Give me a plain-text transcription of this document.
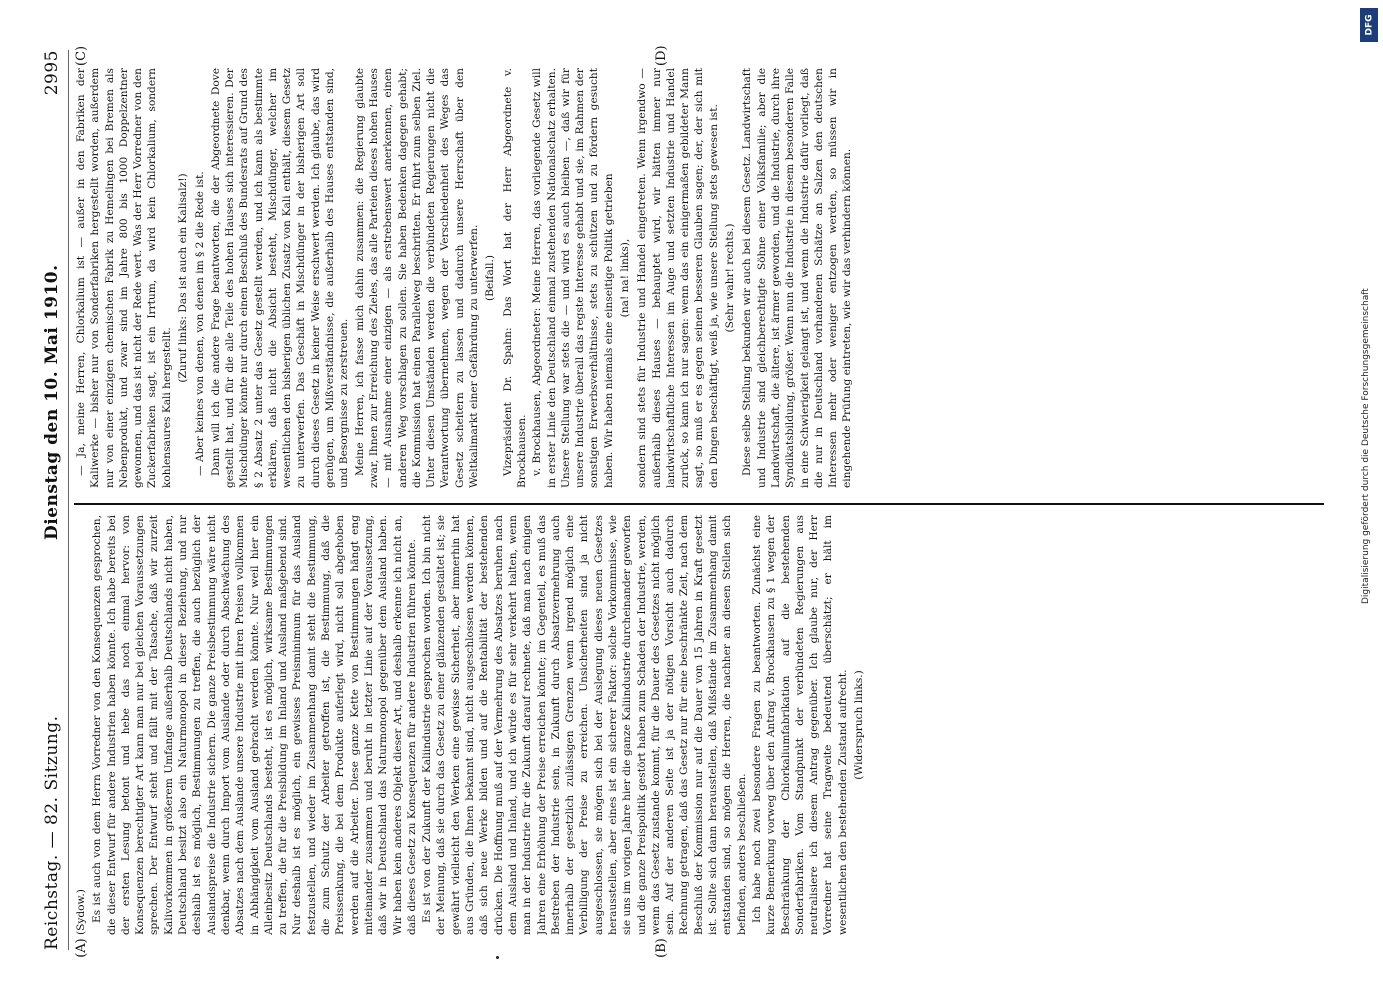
Reichstag. — 82. Sitzung.
Dienstag den 10. Mai 1910.
2995
(A)	(B)
(C)	(D)

(Sydow.) Es ist auch von dem Herrn Vorredner von den Konsequenzen gesprochen, die dieser Entwurf für andere Industrien haben könnte. Ich habe bereits bei der ersten Lesung betont und hebe das noch einmal hervor: von Konsequenzen berechtigter Art kann man nur bei gleichen Voraussetzungen sprechen. Der Entwurf steht und fällt mit der Tatsache, daß wir zurzeit Kalivorkommen in größerem Umfange außerhalb Deutschlands nicht haben, Deutschland besitzt also ein Naturmonopol in dieser Beziehung, und nur deshalb ist es möglich, Bestimmungen zu treffen, die auch bezüglich der Auslandspreise die Industrie sichern. Die ganze Preisbestimmung wäre nicht denkbar, wenn durch Import vom Auslande oder durch Abschwächung des Absatzes nach dem Auslande unsere Industrie mit ihren Preisen vollkommen in Abhängigkeit vom Ausland gebracht werden könnte. Nur weil hier ein Alleinbesitz Deutschlands besteht, ist es möglich, wirksame Bestimmungen zu treffen, die für die Preisbildung im Inland und Ausland maßgebend sind. Nur deshalb ist es möglich, ein gewisses Preisminimum für das Ausland festzustellen, und wieder im Zusammenhang damit steht die Bestimmung, die zum Schutz der Arbeiter getroffen ist, die Bestimmung, daß die Preissenkung, die bei dem Produkte auferlegt wird, nicht soll abgehoben werden auf die Arbeiter. Diese ganze Kette von Bestimmungen hängt eng miteinander zusammen und beruht in letzter Linie auf der Voraussetzung, daß wir in Deutschland das Naturmonopol gegenüber dem Ausland haben. Wir haben kein anderes Objekt dieser Art, und deshalb erkenne ich nicht an, daß dieses Gesetz zu Konsequenzen für andere Industrien führen könnte. Es ist von der Zukunft der Kaliindustrie gesprochen worden. Ich bin nicht der Meinung, daß sie durch das Gesetz zu einer glänzenden gestaltet ist; sie gewährt vielleicht den Werken eine gewisse Sicherheit, aber immerhin hat aus Gründen, die Ihnen bekannt sind, nicht ausgeschlossen werden können, daß sich neue Werke bilden und auf die Rentabilität der bestehenden drücken. Die Hoffnung muß auf der Vermehrung des Absatzes beruhen nach dem Ausland und Inland, und ich würde es für sehr verkehrt halten, wenn man in der Industrie für die Zukunft darauf rechnete, daß man nach einigen Jahren eine Erhöhung der Preise erreichen könnte; im Gegenteil, es muß das Bestreben der Industrie sein, in Zukunft durch Absatzvermehrung auch innerhalb der gesetzlich zulässigen Grenzen wenn irgend möglich eine Verbilligung der Preise zu erreichen. Unsicherheiten sind ja nicht ausgeschlossen, sie mögen sich bei der Auslegung dieses neuen Gesetzes herausstellen, aber eines ist ein sicherer Faktor: solche Vorkommnisse, wie sie uns im vorigen Jahre hier die ganze Kaliindustrie durcheinander geworfen und die ganze Preispolitik gestört haben zum Schaden der Industrie, werden, wenn das Gesetz zustande kommt, für die Dauer des Gesetzes nicht möglich sein. Auf der anderen Seite ist ja der nötigen Vorsicht auch dadurch Rechnung getragen, daß das Gesetz nur für eine beschränkte Zeit, nach dem Beschluß der Kommission nur auf die Dauer von 15 Jahren in Kraft gesetzt ist. Sollte sich dann herausstellen, daß Mißstände im Zusammenhang damit entstanden sind, so mögen die Herren, die nachher an diesen Stellen sich befinden, anders beschließen. Ich habe noch zwei besondere Fragen zu beantworten. Zunächst eine kurze Bemerkung vorweg über den Antrag v. Brockhausen zu § 1 wegen der Beschränkung der Chlorkaliumfabrikation auf die bestehenden Sonderfabriken. Vom Standpunkt der verbündeten Regierungen aus neutralisiere ich diesem Antrag gegenüber. Ich glaube nur, der Herr Vorredner hat seine Tragweite bedeutend überschätzt; er hält im wesentlichen den bestehenden Zustand aufrecht. (Widerspruch links.)

— Ja, meine Herren, Chlorkalium ist — außer in den Fabriken der Kaliwerke — bisher nur von Sonderfabriken hergestellt worden, außerdem nur von einer einzigen chemischen Fabrik zu Hemelingen bei Bremen als Nebenprodukt, und zwar sind im Jahre 800 bis 1000 Doppelzentner gewonnen, und das ist nicht der Rede wert. Was der Herr Vorredner von den Zuckerfabriken sagt, ist ein Irrtum, da wird kein Chlorkalium, sondern kohlensaures Kali hergestellt.

(Zuruf links: Das ist auch ein Kalisalz!) — Aber keines von denen, von denen im § 2 die Rede ist. Dann will ich die andere Frage beantworten, die der Abgeordnete Dove gestellt hat, und für die alle Teile des hohen Hauses sich interessieren. Der Mischdünger könnte nur durch einen Beschluß des Bundesrats auf Grund des § 2 Absatz 2 unter das Gesetz gestellt werden, und ich kann als bestimmte erklären, daß nicht die Absicht besteht, Mischdünger, welcher im wesentlichen den bisherigen üblichen Zusatz von Kali enthält, diesem Gesetz zu unterwerfen. Das Geschäft in Mischdünger in der bisherigen Art soll durch dieses Gesetz in keiner Weise erschwert werden. Ich glaube, das wird genügen, um Mißverständnisse, die außerhalb des Hauses entstanden sind, und Besorgnisse zu zerstreuen. Meine Herren, ich fasse mich dahin zusammen: die Regierung glaubte zwar, Ihnen zur Erreichung des Zieles, das alle Parteien dieses hohen Hauses — mit Ausnahme einer einzigen — als erstrebenswert anerkennen, einen anderen Weg vorschlagen zu sollen. Sie haben Bedenken dagegen gehabt; die Kommission hat einen Parallelweg beschritten. Er führt zum selben Ziel. Unter diesen Umständen werden die verbündeten Regierungen nicht die Verantwortung übernehmen, wegen der Verschiedenheit des Weges das Gesetz scheitern zu lassen und dadurch unsere Herrschaft über den Weltkalimarkt einer Gefährdung zu unterwerfen. (Beifall.) Vizepräsident Dr. Spahn: Das Wort hat der Herr Abgeordnete v. Brockhausen. v. Brockhausen, Abgeordneter: Meine Herren, das vorliegende Gesetz will in erster Linie den Deutschland einmal zustehenden Nationalschatz erhalten. Unsere Stellung war stets die — und wird es auch bleiben —, daß wir für unsere Industrie überall das regste Interesse gehabt und sie, im Rahmen der sonstigen Erwerbsverhältnisse, stets zu schützen und zu fördern gesucht haben. Wir haben niemals eine einseitige Politik getrieben (na! na! links), sondern sind stets für Industrie und Handel eingetreten. Wenn irgendwo — außerhalb dieses Hauses — behauptet wird, wir hätten immer nur landwirtschaftliche Interessen im Auge und setzten Industrie und Handel zurück, so kann ich nur sagen: wenn das ein einigermaßen gebildeter Mann sagt, so muß er es gegen seinen besseren Glauben sagen; der, der sich mit den Dingen beschäftigt, weiß ja, wie unsere Stellung stets gewesen ist. (Sehr wahr! rechts.) Diese selbe Stellung bekunden wir auch bei diesem Gesetz. Landwirtschaft und Industrie sind gleichberechtigte Söhne einer Volksfamilie; aber die Landwirtschaft, die ältere, ist ärmer geworden, und die Industrie, durch ihre Syndikatsbildung, größer. Wenn nun die Industrie in diesem besonderen Falle in eine Schwierigkeit gelangt ist, und wenn die Industrie dafür vorliegt, daß die nur in Deutschland vorhandenen Schätze an Salzen den deutschen Interessen mehr oder weniger entzogen werden, so müssen wir in eingehende Prüfung eintreten, wie wir das verhindern können.

DFG
Digitalisierung gefördert durch die Deutsche Forschungsgemeinschaft
